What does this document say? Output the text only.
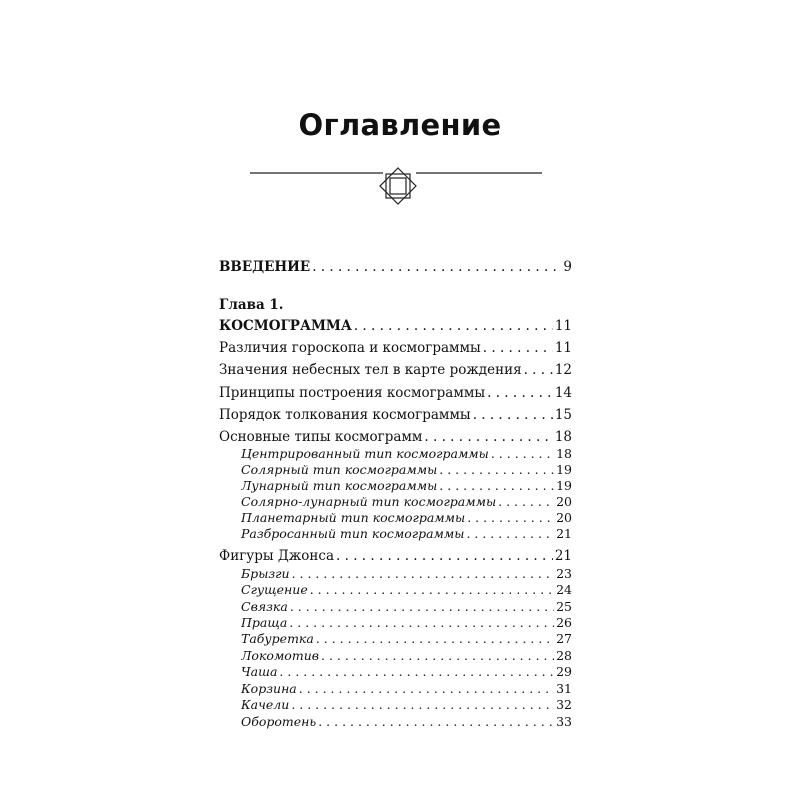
Оглавление
ВВЕДЕНИЕ . . .	9
Глава 1.
КОСМОГРАММА . . .	11
Различия гороскопа и космограммы . . .	11
Значения небесных тел в карте рождения . . . 12
Принципы построения космограммы . . .	14
Порядок толкования космограммы . . .	15
Основные типы космограмм . . .	18
Центрированный тип космограммы . . .	18
Солярный тип космограммы . . .	19
Лунарный тип космограммы . . .	19
Солярно-лунарный тип космограммы . . .	20
Планетарный тип космограммы . . .	20
Разбросанный тип космограммы . . .	21
Фигуры Джонса . . .	21
Брызги . . .	23
Сгущение . . .	24
Связка . . .	25
Праща . . .	26
Табуретка . . .	27
Локомотив . . .	28
Чаша . . .	29
Корзина . . .	31
Качели . . .	32
Оборотень . . .	33
